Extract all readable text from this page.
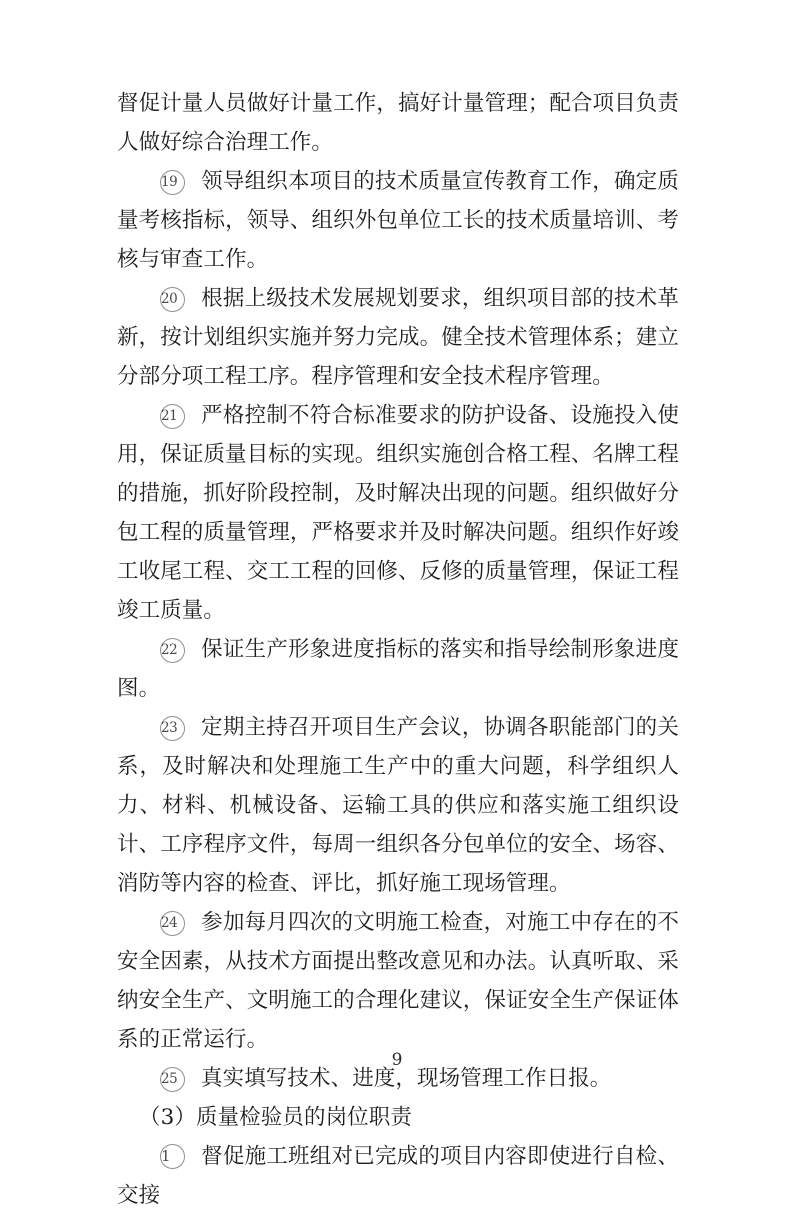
督促计量人员做好计量工作，搞好计量管理；配合项目负责人做好综合治理工作。

19 领导组织本项目的技术质量宣传教育工作，确定质量考核指标，领导、组织外包单位工长的技术质量培训、考核与审查工作。

20 根据上级技术发展规划要求，组织项目部的技术革新，按计划组织实施并努力完成。健全技术管理体系；建立分部分项工程工序。程序管理和安全技术程序管理。

21 严格控制不符合标准要求的防护设备、设施投入使用，保证质量目标的实现。组织实施创合格工程、名牌工程的措施，抓好阶段控制，及时解决出现的问题。组织做好分包工程的质量管理，严格要求并及时解决问题。组织作好竣工收尾工程、交工工程的回修、反修的质量管理，保证工程竣工质量。

22 保证生产形象进度指标的落实和指导绘制形象进度图。

23 定期主持召开项目生产会议，协调各职能部门的关系，及时解决和处理施工生产中的重大问题，科学组织人力、材料、机械设备、运输工具的供应和落实施工组织设计、工序程序文件，每周一组织各分包单位的安全、场容、消防等内容的检查、评比，抓好施工现场管理。

24 参加每月四次的文明施工检查，对施工中存在的不安全因素，从技术方面提出整改意见和办法。认真听取、采纳安全生产、文明施工的合理化建议，保证安全生产保证体系的正常运行。

25 真实填写技术、进度，现场管理工作日报。

（3）质量检验员的岗位职责

1 督促施工班组对已完成的项目内容即使进行自检、交接

9
